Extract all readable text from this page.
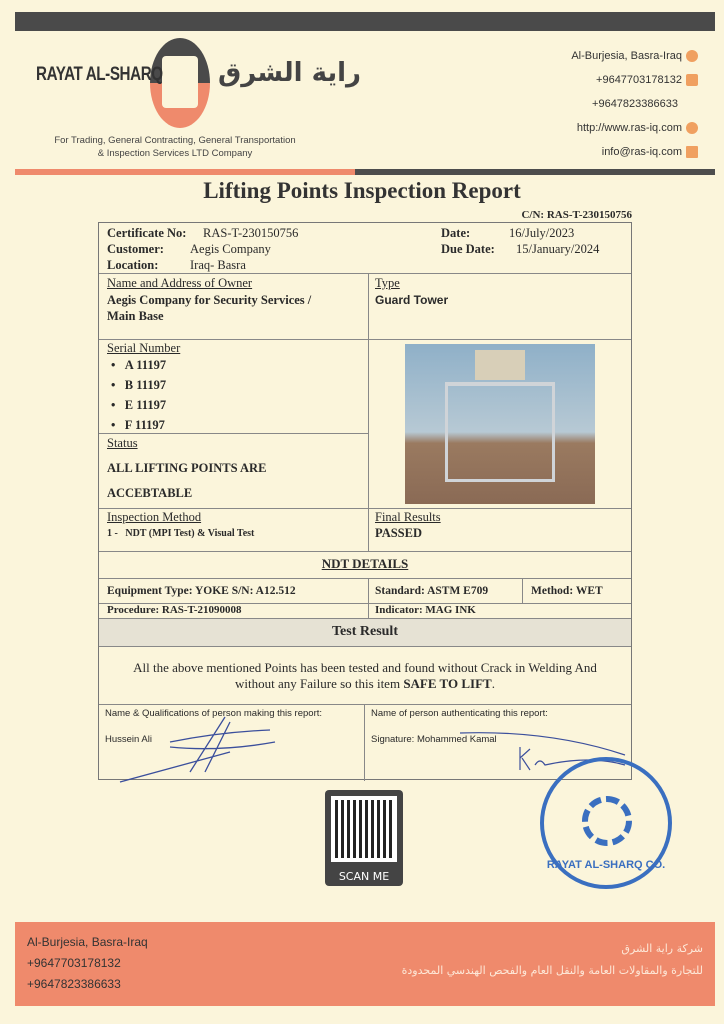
RAYAT AL-SHARQ راية الشرق
For Trading, General Contracting, General Transportation
& Inspection Services LTD Company
Al-Burjesia, Basra-Iraq
+9647703178132
+9647823386633
http://www.ras-iq.com
info@ras-iq.com
Lifting Points Inspection Report
C/N: RAS-T-230150756
Certificate No: RAS-T-230150756
Customer: Aegis Company
Location:	Iraq- Basra
Date:	16/July/2023
Due Date: 15/January/2024
Name and Address of Owner
Aegis Company for Security Services /
Main Base
Type
Guard Tower
Serial Number
•   A 11197
•   B 11197
•   E 11197
•   F 11197
Status
ALL LIFTING POINTS ARE
ACCEBTABLE
Inspection Method
1 - NDT (MPI Test) & Visual Test
Final Results
PASSED
NDT DETAILS
Equipment Type: YOKE S/N: A12.512	Standard: ASTM E709	Method: WET
Procedure: RAS-T-21090008	Indicator: MAG INK
Test Result
All the above mentioned Points has been tested and found without Crack in Welding And
without any Failure so this item SAFE TO LIFT.
Name & Qualifications of person making this report:
Hussein Ali
Name of person authenticating this report:
Signature: Mohammed Kamal
SCAN ME
RAYAT AL-SHARQ CO.
Al-Burjesia, Basra-Iraq
+9647703178132
+9647823386633
شركة راية الشرق
للتجارة والمقاولات العامة والنقل العام والفحص الهندسي المحدودة
